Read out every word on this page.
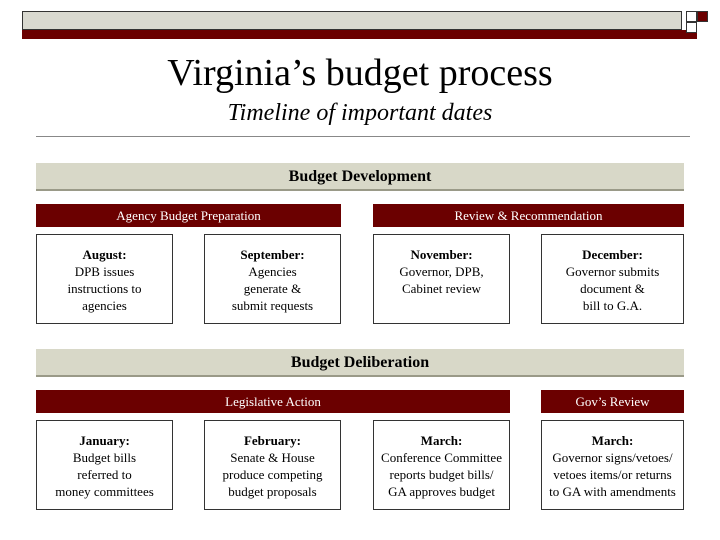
Virginia’s budget process
Timeline of important dates
Budget Development
Agency Budget Preparation	Review & Recommendation
August:
DPB issues
instructions to
agencies
September:
Agencies
generate &
submit requests
November:
Governor, DPB,
Cabinet review
December:
Governor submits
document &
bill to G.A.
Budget Deliberation
Legislative Action	Gov’s Review
January:
Budget bills
referred to
money committees
February:
Senate & House
produce competing
budget proposals
March:
Conference Committee
reports budget bills/
GA approves budget
March:
Governor signs/vetoes/
vetoes items/or returns
to GA with amendments
